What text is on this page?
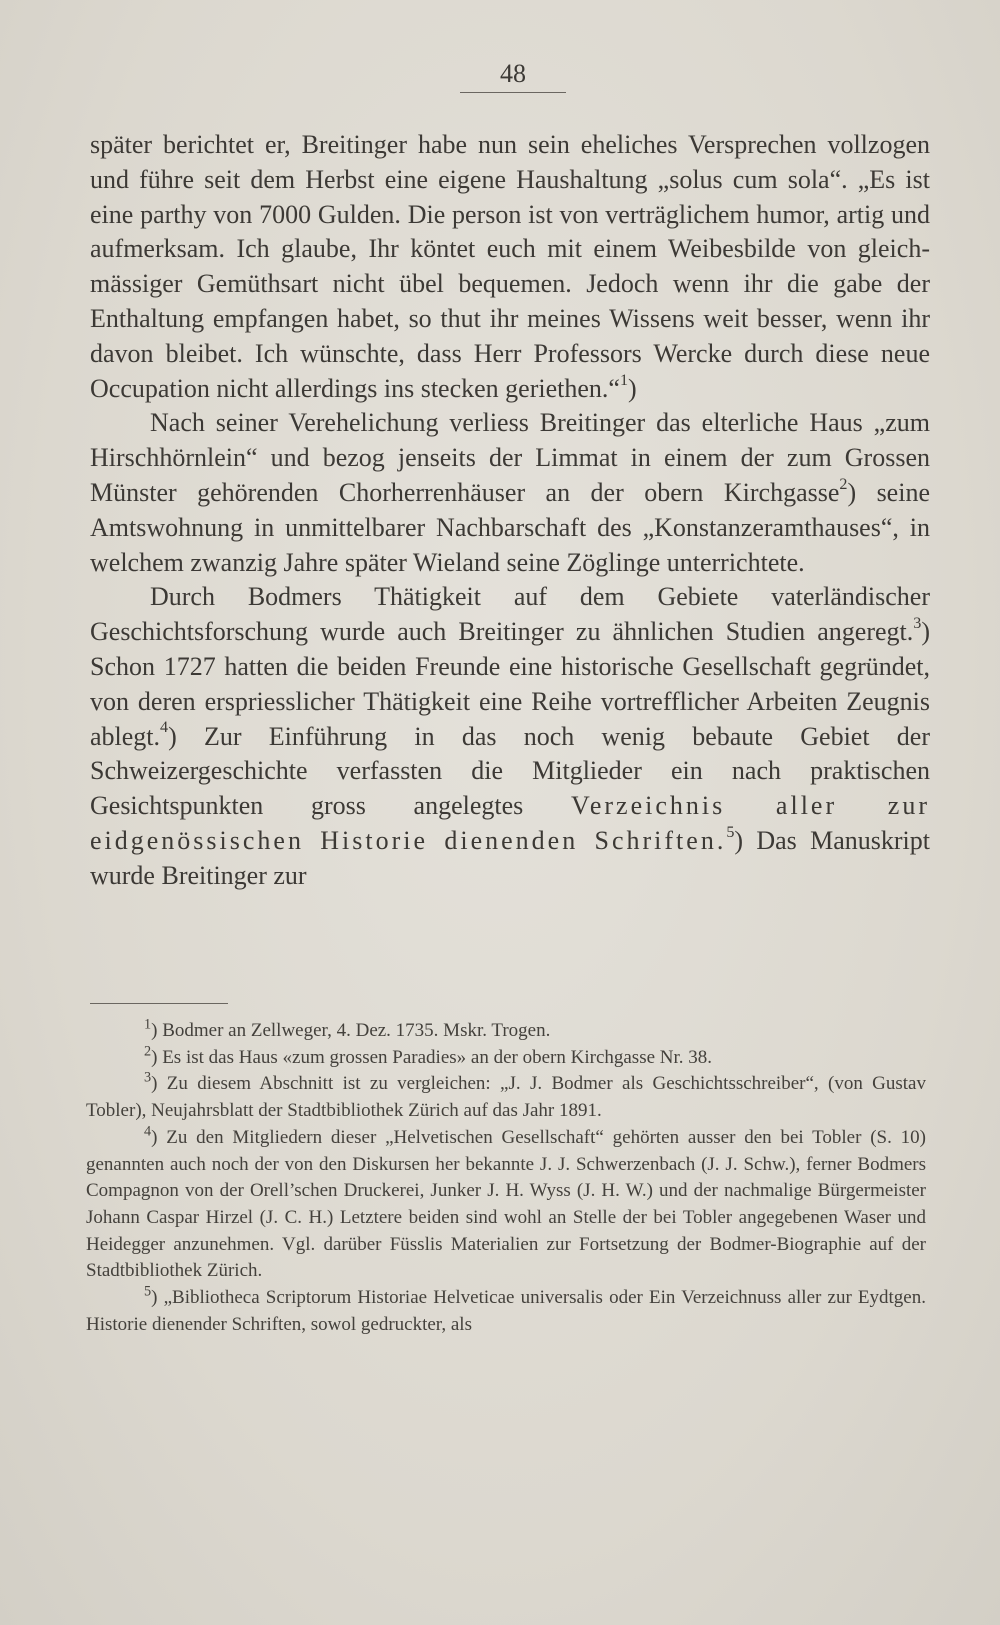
48

später berichtet er, Breitinger habe nun sein eheliches Versprechen vollzogen und führe seit dem Herbst eine eigene Haushaltung „solus cum sola“. „Es ist eine parthy von 7000 Gulden. Die person ist von verträglichem humor, artig und aufmerksam. Ich glaube, Ihr köntet euch mit einem Weibesbilde von gleichmässiger Gemüthsart nicht übel bequemen. Jedoch wenn ihr die gabe der Enthaltung empfangen habet, so thut ihr meines Wissens weit besser, wenn ihr davon bleibet. Ich wünschte, dass Herr Professors Wercke durch diese neue Occupation nicht allerdings ins stecken geriethen.“$^1$)

Nach seiner Verehelichung verliess Breitinger das elterliche Haus „zum Hirschhörnlein“ und bezog jenseits der Limmat in einem der zum Grossen Münster gehörenden Chorherrenhäuser an der obern Kirchgasse$^2$) seine Amtswohnung in unmittelbarer Nachbarschaft des „Konstanzeramthauses“, in welchem zwanzig Jahre später Wieland seine Zöglinge unterrichtete.

Durch Bodmers Thätigkeit auf dem Gebiete vaterländischer Geschichtsforschung wurde auch Breitinger zu ähnlichen Studien angeregt.$^3$) Schon 1727 hatten die beiden Freunde eine historische Gesellschaft gegründet, von deren erspriesslicher Thätigkeit eine Reihe vortrefflicher Arbeiten Zeugnis ablegt.$^4$) Zur Einführung in das noch wenig bebaute Gebiet der Schweizergeschichte verfassten die Mitglieder ein nach praktischen Gesichtspunkten gross angelegtes Verzeichnis aller zur eidgenössischen Historie dienenden Schriften.$^5$) Das Manuskript wurde Breitinger zur

$^1$) Bodmer an Zellweger, 4. Dez. 1735. Mskr. Trogen.

$^2$) Es ist das Haus «zum grossen Paradies» an der obern Kirchgasse Nr. 38.

$^3$) Zu diesem Abschnitt ist zu vergleichen: „J. J. Bodmer als Geschichtsschreiber“, (von Gustav Tobler), Neujahrsblatt der Stadtbibliothek Zürich auf das Jahr 1891.

$^4$) Zu den Mitgliedern dieser „Helvetischen Gesellschaft“ gehörten ausser den bei Tobler (S. 10) genannten auch noch der von den Diskursen her bekannte J. J. Schwerzenbach (J. J. Schw.), ferner Bodmers Compagnon von der Orell’schen Druckerei, Junker J. H. Wyss (J. H. W.) und der nachmalige Bürgermeister Johann Caspar Hirzel (J. C. H.) Letztere beiden sind wohl an Stelle der bei Tobler angegebenen Waser und Heidegger anzunehmen. Vgl. darüber Füsslis Materialien zur Fortsetzung der Bodmer-Biographie auf der Stadtbibliothek Zürich.

$^5$) „Bibliotheca Scriptorum Historiae Helveticae universalis oder Ein Verzeichnuss aller zur Eydtgen. Historie dienender Schriften, sowol gedruckter, als
